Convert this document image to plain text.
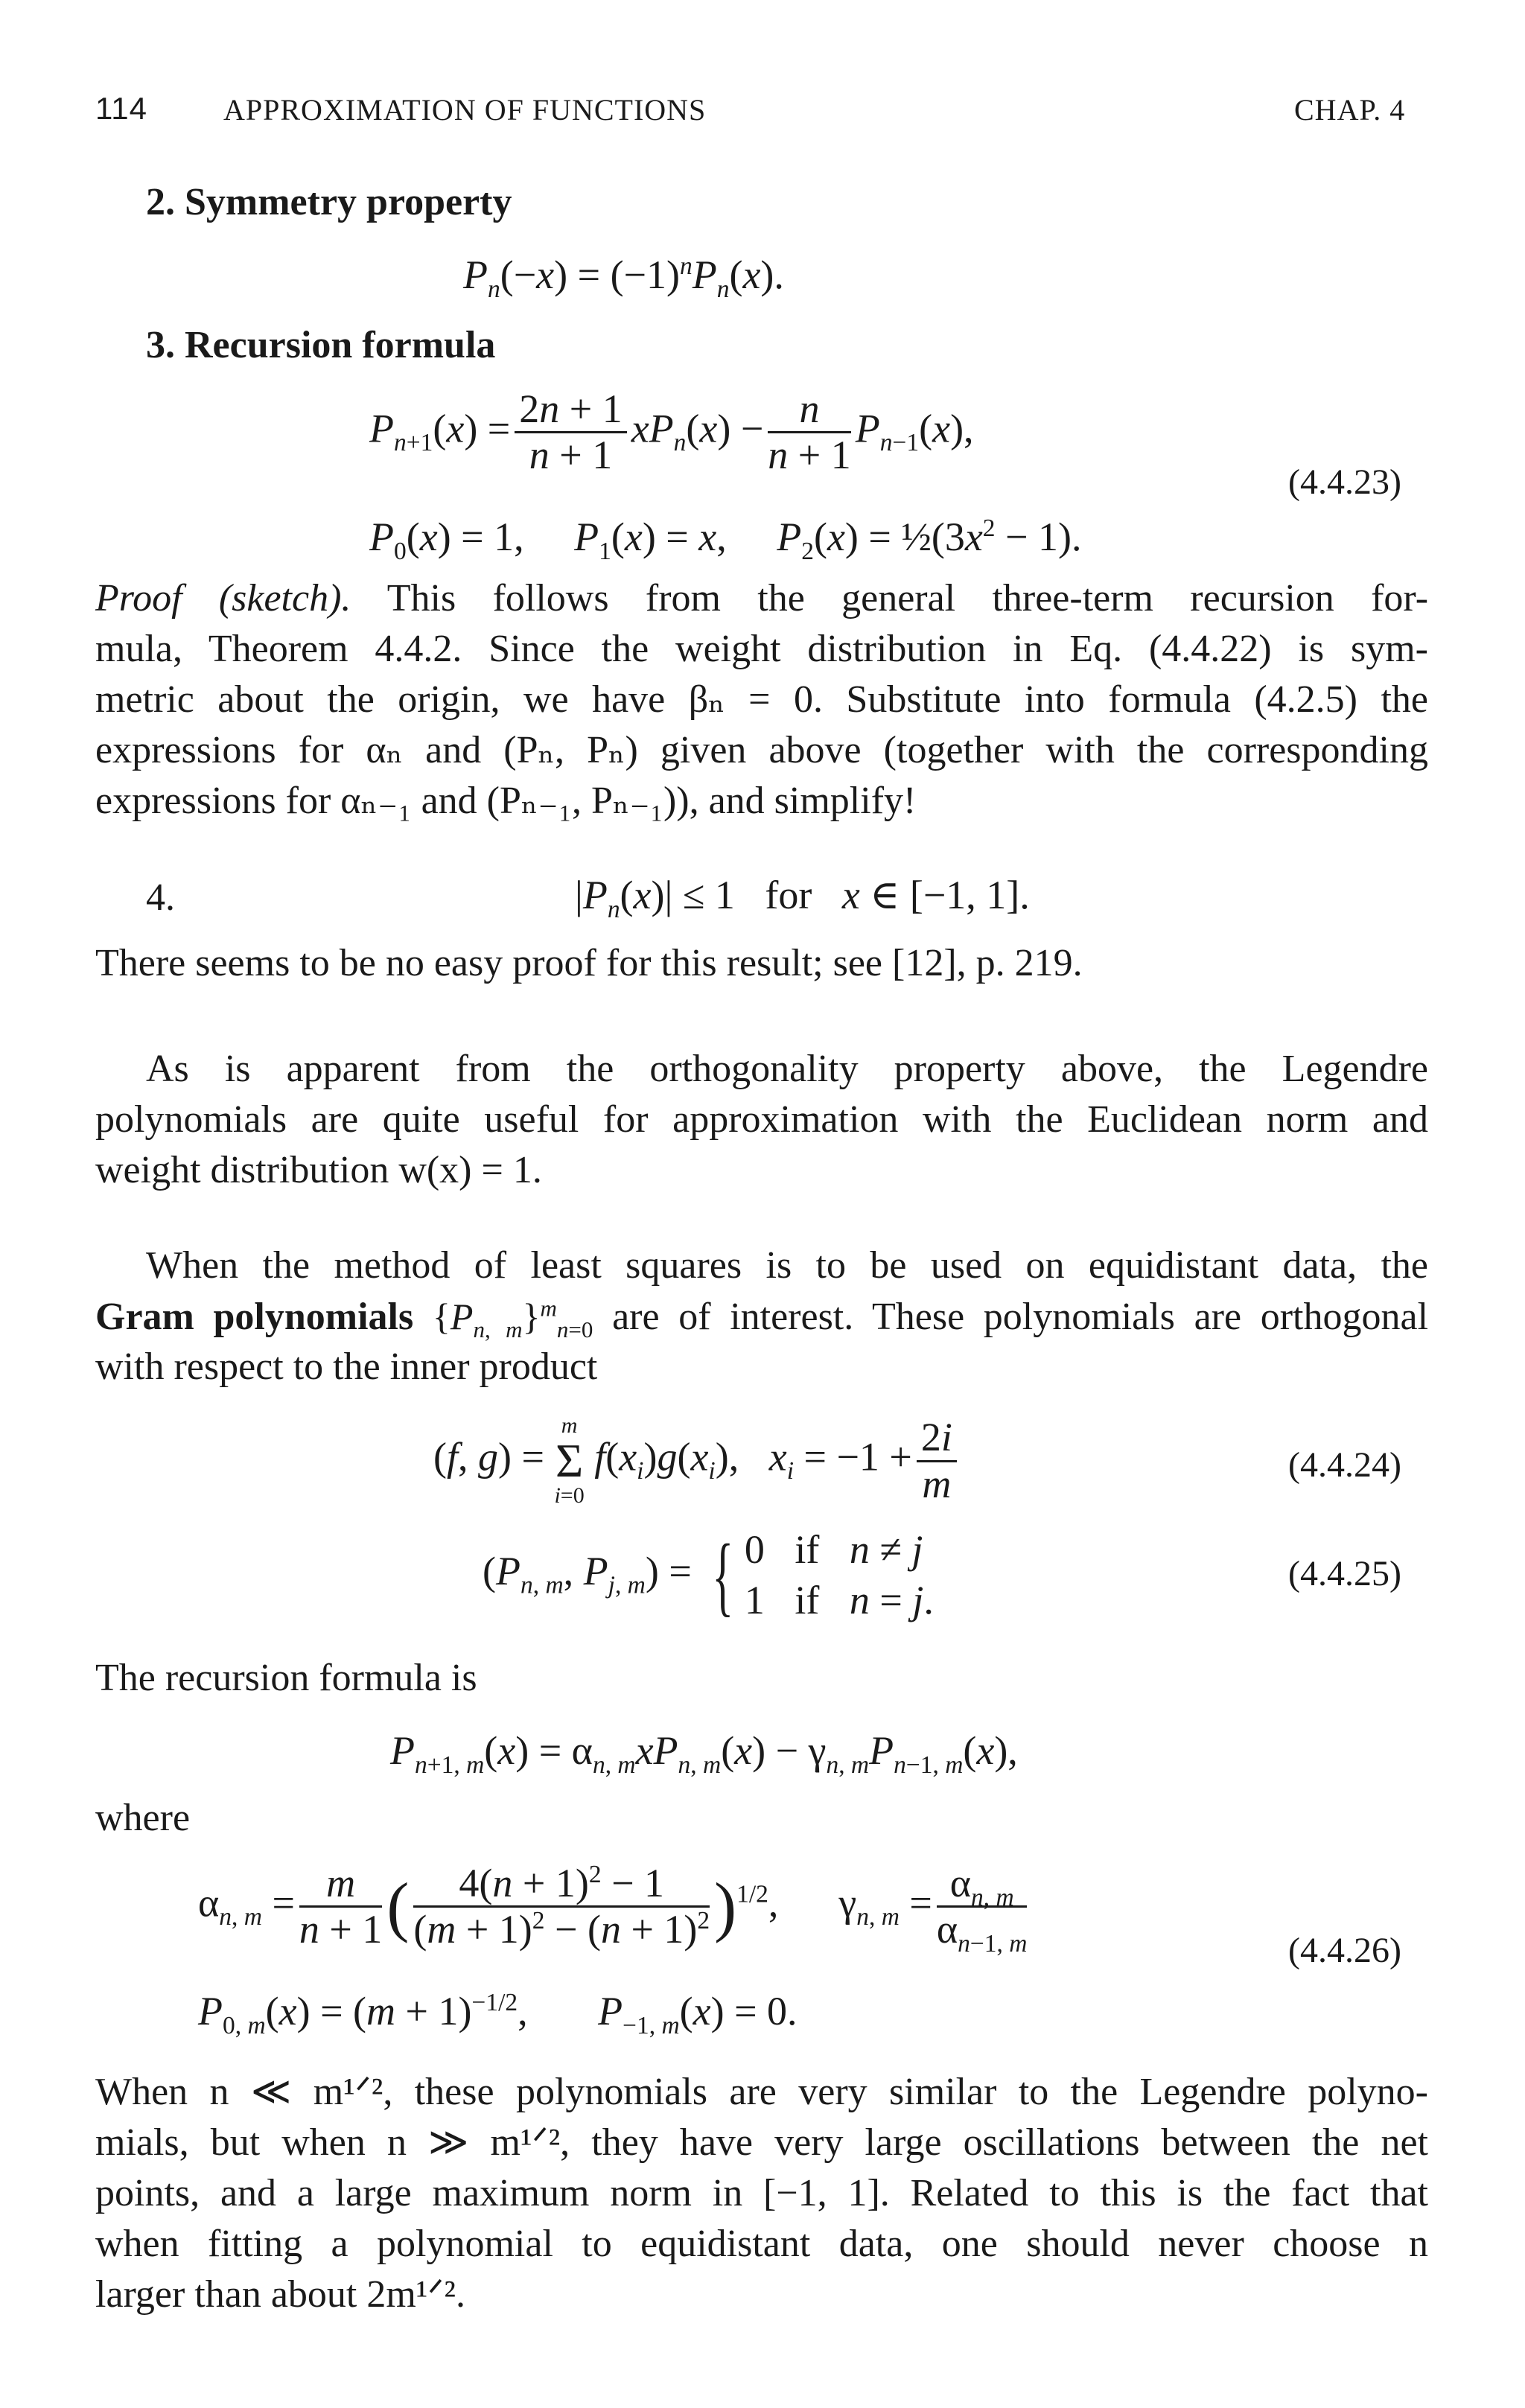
114	APPROXIMATION OF FUNCTIONS	CHAP. 4
2. Symmetry property
$P_n(-x) = (-1)^nP_n(x)$.
3. Recursion formula
$P_{n+1}(x) = \frac{2n + 1}{n + 1} xP_n(x) - \frac{n}{n + 1} P_{n-1}(x)$,
(4.4.23)
$P_0(x) = 1$,     $P_1(x) = x$,     $P_2(x)$ = $\frac{1}{2}(3x^2 - 1)$.
Proof (sketch). This follows from the general three-term recursion for-
mula, Theorem 4.4.2. Since the weight distribution in Eq. (4.4.22) is sym-
metric about the origin, we have βₙ = 0. Substitute into formula (4.2.5) the
expressions for αₙ and (Pₙ, Pₙ) given above (together with the corresponding
expressions for αₙ₋₁ and (Pₙ₋₁, Pₙ₋₁)), and simplify!
4.	$|P_n(x)| \le 1$   for   x ∈ [−1, 1].
There seems to be no easy proof for this result; see [12], p. 219.
As is apparent from the orthogonality property above, the Legendre
polynomials are quite useful for approximation with the Euclidean norm and
weight distribution w(x) = 1.
When the method of least squares is to be used on equidistant data, the
Gram polynomials $\{P_{n, m}\}^m_{n=0}$ are of interest. These polynomials are orthogonal
with respect to the inner product
(f, g) =
m
Σ
i=0
$f(x_i)g(x_i)$,   $x_i = -1 + \frac{2i}{m}$	(4.4.24)
($P_{n, m}$, $P_{j, m}$) = { 0   if   n ≠ j
1   if   n = j.
(4.4.25)
The recursion formula is
$P_{n+1, m}(x) = \alpha_{n, m}xP_{n, m}(x) - \gamma_{n, m}P_{n-1, m}(x)$,
where
$\alpha_{n, m} = \frac{m}{n + 1}$ ( $\frac{4(n + 1)^2 - 1}{(m + 1)^2 - (n + 1)^2} )^{1/2}$,      $\gamma_{n, m} = \frac{\alpha_{n, m}}{\alpha_{n-1, m}}$	(4.4.26)
$P_{0, m}(x) = (m + 1)^{-1/2}$,       $P_{-1, m}(x) = 0$.
When n ≪ m¹ᐟ², these polynomials are very similar to the Legendre polyno-
mials, but when n ≫ m¹ᐟ², they have very large oscillations between the net
points, and a large maximum norm in [−1, 1]. Related to this is the fact that
when fitting a polynomial to equidistant data, one should never choose n
larger than about 2m¹ᐟ².
